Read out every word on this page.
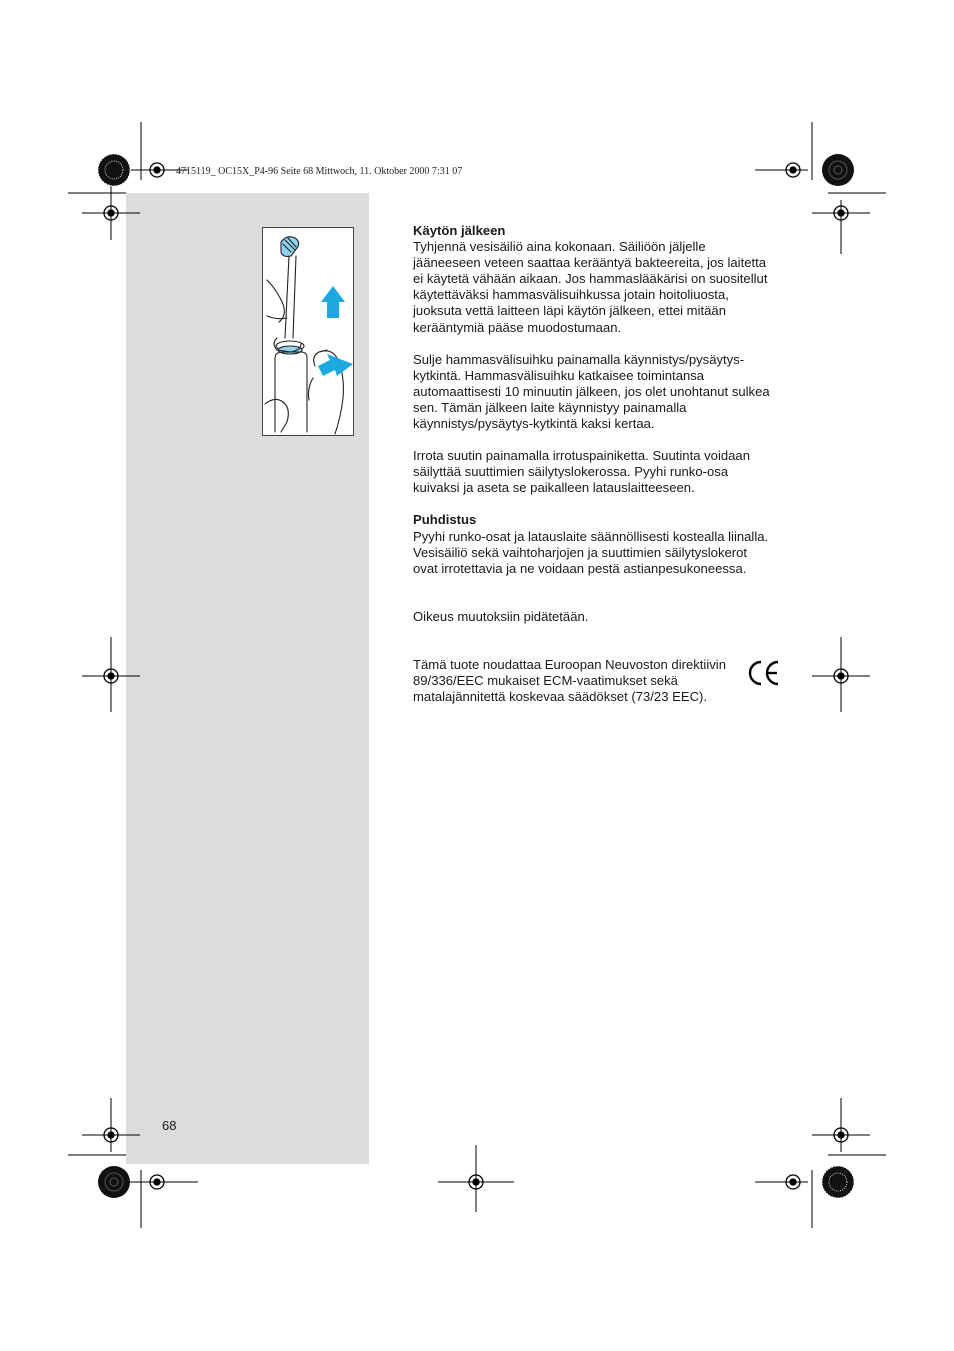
4715119_ OC15X_P4-96 Seite 68 Mittwoch, 11. Oktober 2000 7:31 07
Käytön jälkeen

Tyhjennä vesisäiliö aina kokonaan. Säiliöön jäljelle jääneeseen veteen saattaa kerääntyä bakteereita, jos laitetta ei käytetä vähään aikaan. Jos hammaslääkärisi on suositellut käytettäväksi hammasvälisuihkussa jotain hoitoliuosta, juoksuta vettä laitteen läpi käytön jälkeen, ettei mitään kerääntymiä pääse muodostumaan.

Sulje hammasvälisuihku painamalla käynnistys/pysäytys-kytkintä. Hammasvälisuihku katkaisee toimintansa automaattisesti 10 minuutin jälkeen, jos olet unohtanut sulkea sen. Tämän jälkeen laite käynnistyy painamalla käynnistys/pysäytys-kytkintä kaksi kertaa.

Irrota suutin painamalla irrotuspainiketta. Suutinta voidaan säilyttää suuttimien säilytyslokerossa. Pyyhi runko-osa kuivaksi ja aseta se paikalleen latauslaitteeseen.

Puhdistus

Pyyhi runko-osat ja latauslaite säännöllisesti kostealla liinalla. Vesisäiliö sekä vaihtoharjojen ja suuttimien säilytyslokerot ovat irrotettavia ja ne voidaan pestä astianpesukoneessa.

Oikeus muutoksiin pidätetään.

Tämä tuote noudattaa Euroopan Neuvoston direktiivin 89/336/EEC mukaiset ECM-vaatimukset sekä matalajännitettä koskevaa säädökset (73/23 EEC).

68
